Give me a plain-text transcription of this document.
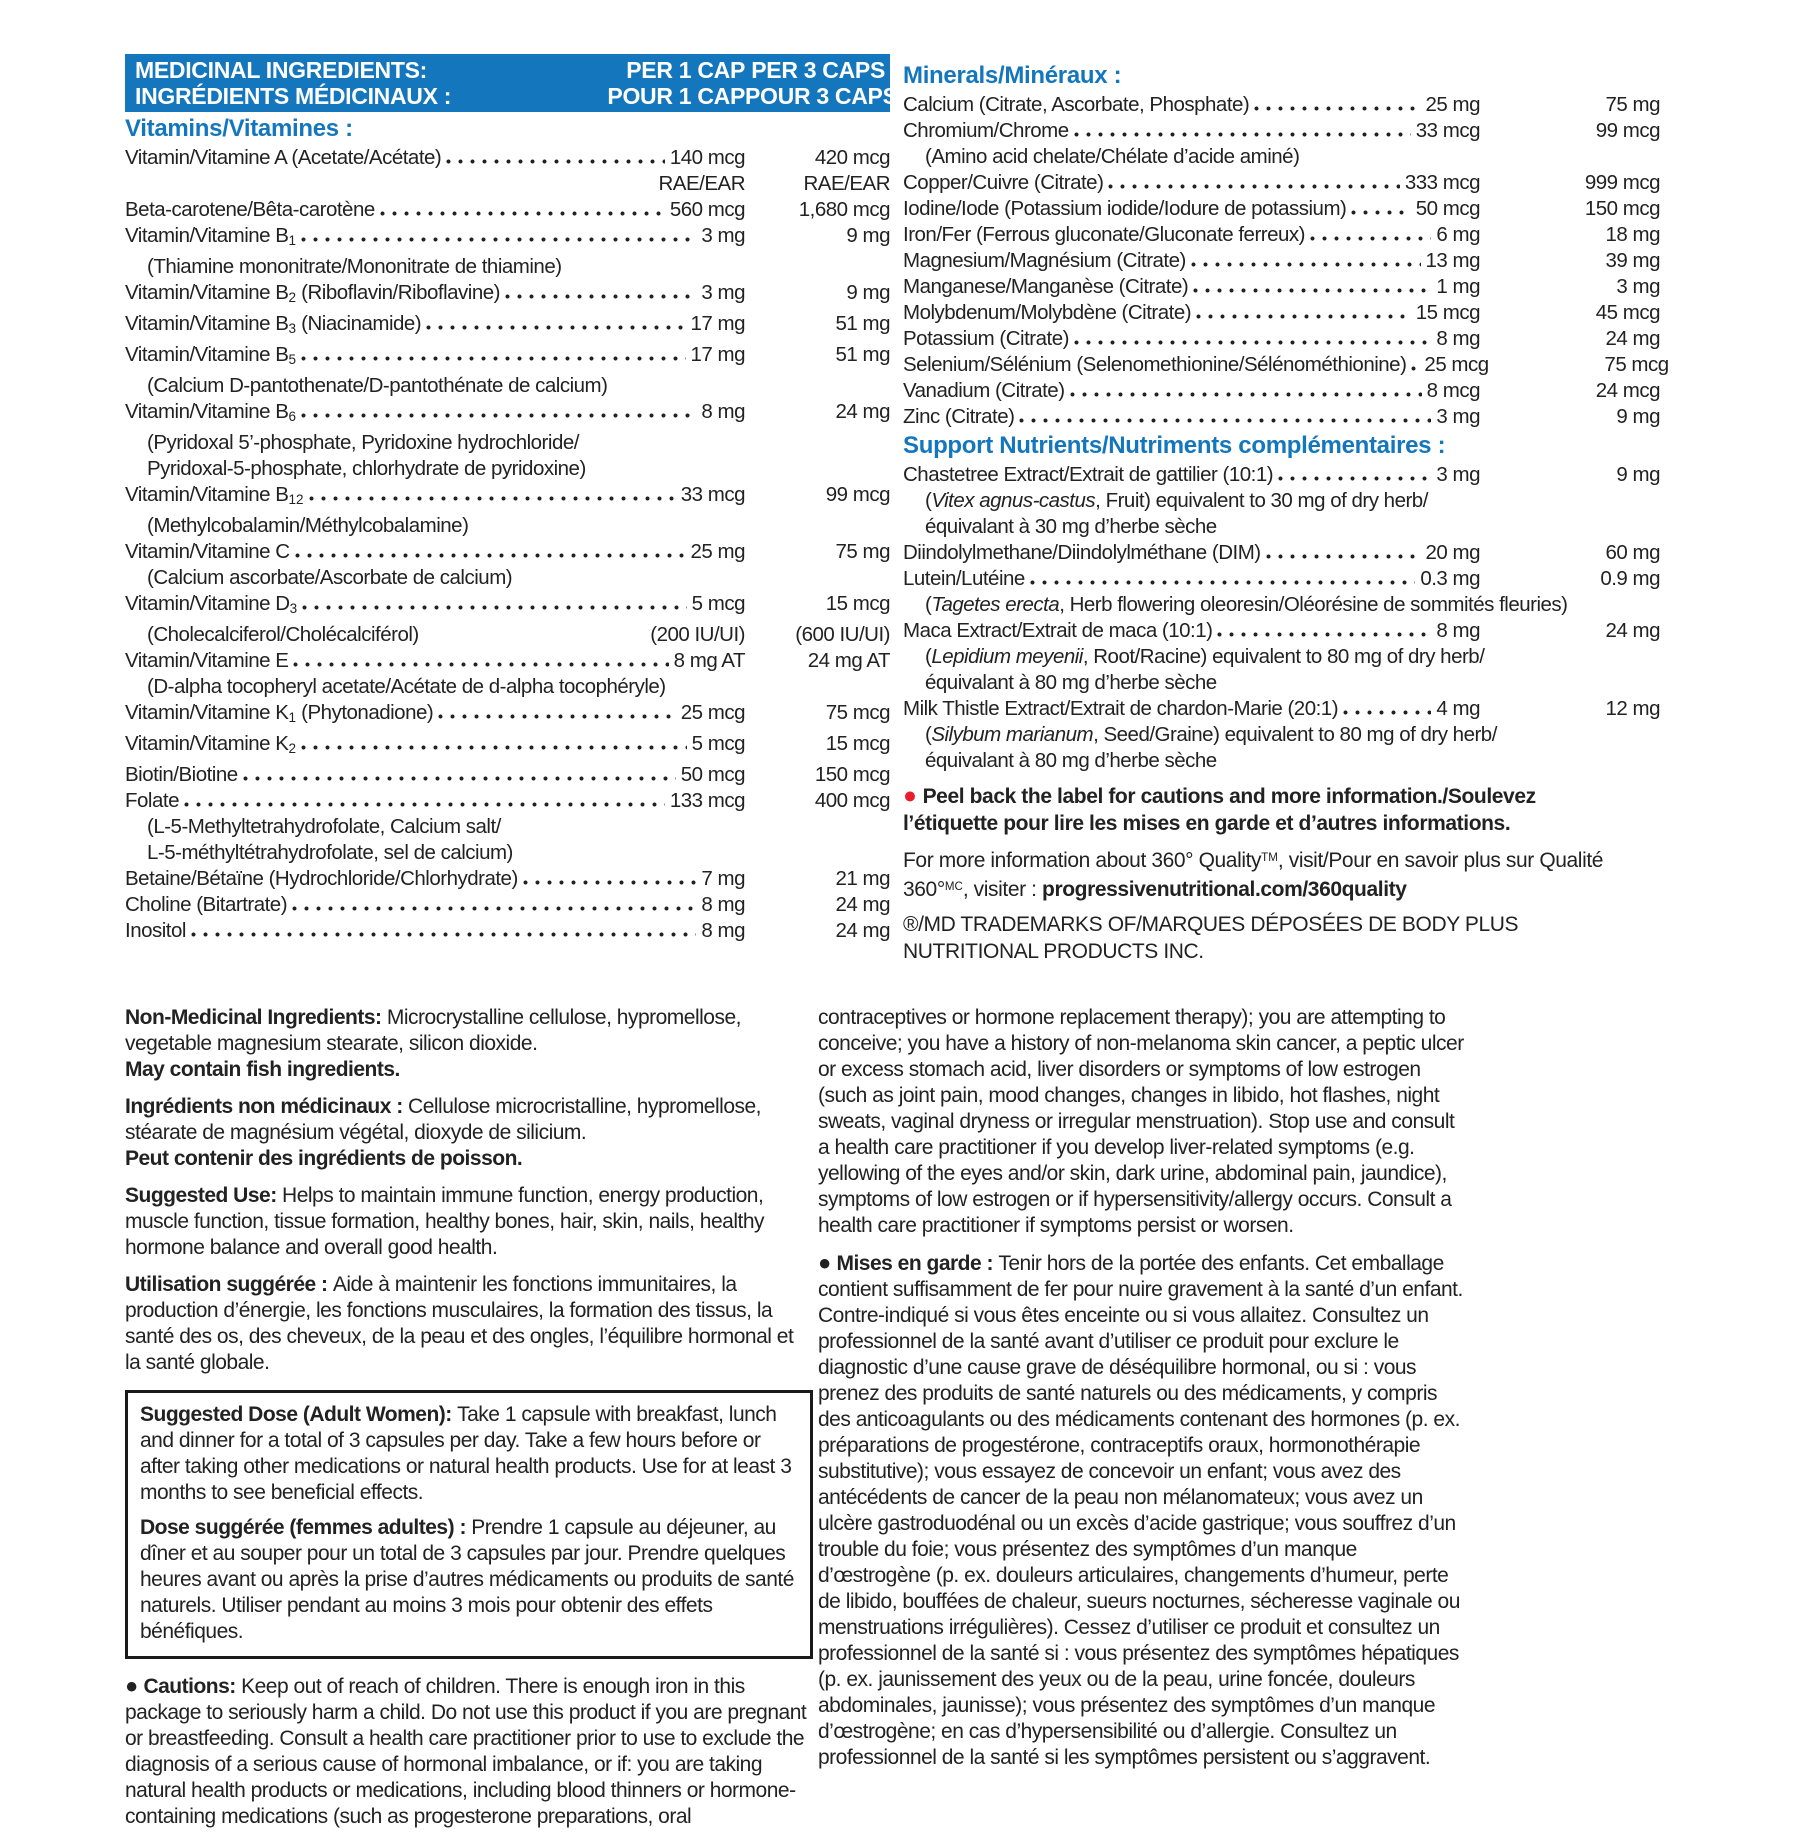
MEDICINAL INGREDIENTS:
INGRÉDIENTS MÉDICINAUX :
PER 1 CAP
POUR 1 CAP
PER 3 CAPS
POUR 3 CAPS
Vitamins/Vitamines :
Vitamin/Vitamine A (Acetate/Acétate)	140 mcg	420 mcg
RAE/EAR	RAE/EAR
Beta-carotene/Bêta-carotène	560 mcg	1,680 mcg
Vitamin/Vitamine $B_1$	3 mg	9 mg
(Thiamine mononitrate/Mononitrate de thiamine)
Vitamin/Vitamine $B_2$ (Riboflavin/Riboflavine)	3 mg	9 mg
Vitamin/Vitamine $B_3$ (Niacinamide)	17 mg	51 mg
Vitamin/Vitamine $B_5$	17 mg	51 mg
(Calcium D-pantothenate/D-pantothénate de calcium)
Vitamin/Vitamine $B_6$	8 mg	24 mg
(Pyridoxal 5’-phosphate, Pyridoxine hydrochloride/
Pyridoxal-5-phosphate, chlorhydrate de pyridoxine)
Vitamin/Vitamine $B_{12}$	33 mcg	99 mcg
(Methylcobalamin/Méthylcobalamine)
Vitamin/Vitamine C	25 mg	75 mg
(Calcium ascorbate/Ascorbate de calcium)
Vitamin/Vitamine $D_3$	5 mcg	15 mcg
(Cholecalciferol/Cholécalciférol)	(200 IU/UI)	(600 IU/UI)
Vitamin/Vitamine E	8 mg AT	24 mg AT
(D-alpha tocopheryl acetate/Acétate de d-alpha tocophéryle)
Vitamin/Vitamine $K_1$ (Phytonadione)	25 mcg	75 mcg
Vitamin/Vitamine $K_2$	5 mcg	15 mcg
Biotin/Biotine	50 mcg	150 mcg
Folate	133 mcg	400 mcg
(L-5-Methyltetrahydrofolate, Calcium salt/
L-5-méthyltétrahydrofolate, sel de calcium)
Betaine/Bétaïne (Hydrochloride/Chlorhydrate)	7 mg	21 mg
Choline (Bitartrate)	8 mg	24 mg
Inositol	8 mg	24 mg
Minerals/Minéraux :
Calcium (Citrate, Ascorbate, Phosphate)	25 mg	75 mg
Chromium/Chrome	33 mcg	99 mcg
(Amino acid chelate/Chélate d’acide aminé)
Copper/Cuivre (Citrate)	333 mcg	999 mcg
Iodine/Iode (Potassium iodide/Iodure de potassium)	50 mcg	150 mcg
Iron/Fer (Ferrous gluconate/Gluconate ferreux)	6 mg	18 mg
Magnesium/Magnésium (Citrate)	13 mg	39 mg
Manganese/Manganèse (Citrate)	1 mg	3 mg
Molybdenum/Molybdène (Citrate)	15 mcg	45 mcg
Potassium (Citrate)	8 mg	24 mg
Selenium/Sélénium (Selenomethionine/Sélénométhionine) 25 mcg	75 mcg
Vanadium (Citrate)	8 mcg	24 mcg
Zinc (Citrate)	3 mg	9 mg
Support Nutrients/Nutriments complémentaires :
Chastetree Extract/Extrait de gattilier (10:1)	3 mg	9 mg
(Vitex agnus-castus, Fruit) equivalent to 30 mg of dry herb/
équivalant à 30 mg d’herbe sèche
Diindolylmethane/Diindolylméthane (DIM)	20 mg	60 mg
Lutein/Lutéine	0.3 mg	0.9 mg
(Tagetes erecta, Herb flowering oleoresin/Oléorésine de sommités fleuries)
Maca Extract/Extrait de maca (10:1)	8 mg	24 mg
(Lepidium meyenii, Root/Racine) equivalent to 80 mg of dry herb/
équivalant à 80 mg d’herbe sèche
Milk Thistle Extract/Extrait de chardon-Marie (20:1)	4 mg	12 mg
(Silybum marianum, Seed/Graine) equivalent to 80 mg of dry herb/
équivalant à 80 mg d’herbe sèche
● Peel back the label for cautions and more information./Soulevez l’étiquette pour lire les mises en garde et d’autres informations.
For more information about 360° Quality™, visit/Pour en savoir plus sur Qualité 360°$^{MC}$, visiter : progressivenutritional.com/360quality
®/MD TRADEMARKS OF/MARQUES DÉPOSÉES DE BODY PLUS NUTRITIONAL PRODUCTS INC.
Non-Medicinal Ingredients: Microcrystalline cellulose, hypromellose, vegetable magnesium stearate, silicon dioxide.
May contain fish ingredients.
Ingrédients non médicinaux : Cellulose microcristalline, hypromellose, stéarate de magnésium végétal, dioxyde de silicium.
Peut contenir des ingrédients de poisson.
Suggested Use: Helps to maintain immune function, energy production, muscle function, tissue formation, healthy bones, hair, skin, nails, healthy hormone balance and overall good health.
Utilisation suggérée : Aide à maintenir les fonctions immunitaires, la production d’énergie, les fonctions musculaires, la formation des tissus, la santé des os, des cheveux, de la peau et des ongles, l’équilibre hormonal et la santé globale.
Suggested Dose (Adult Women): Take 1 capsule with breakfast, lunch and dinner for a total of 3 capsules per day. Take a few hours before or after taking other medications or natural health products. Use for at least 3 months to see beneficial effects.
Dose suggérée (femmes adultes) : Prendre 1 capsule au déjeuner, au dîner et au souper pour un total de 3 capsules par jour. Prendre quelques heures avant ou après la prise d’autres médicaments ou produits de santé naturels. Utiliser pendant au moins 3 mois pour obtenir des effets bénéfiques.
● Cautions: Keep out of reach of children. There is enough iron in this package to seriously harm a child. Do not use this product if you are pregnant or breastfeeding. Consult a health care practitioner prior to use to exclude the diagnosis of a serious cause of hormonal imbalance, or if: you are taking natural health products or medications, including blood thinners or hormone-containing medications (such as progesterone preparations, oral
contraceptives or hormone replacement therapy); you are attempting to conceive; you have a history of non-melanoma skin cancer, a peptic ulcer or excess stomach acid, liver disorders or symptoms of low estrogen (such as joint pain, mood changes, changes in libido, hot flashes, night sweats, vaginal dryness or irregular menstruation). Stop use and consult a health care practitioner if you develop liver-related symptoms (e.g. yellowing of the eyes and/or skin, dark urine, abdominal pain, jaundice), symptoms of low estrogen or if hypersensitivity/allergy occurs. Consult a health care practitioner if symptoms persist or worsen.
● Mises en garde : Tenir hors de la portée des enfants. Cet emballage contient suffisamment de fer pour nuire gravement à la santé d’un enfant. Contre-indiqué si vous êtes enceinte ou si vous allaitez. Consultez un professionnel de la santé avant d’utiliser ce produit pour exclure le diagnostic d’une cause grave de déséquilibre hormonal, ou si : vous prenez des produits de santé naturels ou des médicaments, y compris des anticoagulants ou des médicaments contenant des hormones (p. ex. préparations de progestérone, contraceptifs oraux, hormonothérapie substitutive); vous essayez de concevoir un enfant; vous avez des antécédents de cancer de la peau non mélanomateux; vous avez un ulcère gastroduodénal ou un excès d’acide gastrique; vous souffrez d’un trouble du foie; vous présentez des symptômes d’un manque d’œstrogène (p. ex. douleurs articulaires, changements d’humeur, perte de libido, bouffées de chaleur, sueurs nocturnes, sécheresse vaginale ou menstruations irrégulières). Cessez d’utiliser ce produit et consultez un professionnel de la santé si : vous présentez des symptômes hépatiques (p. ex. jaunissement des yeux ou de la peau, urine foncée, douleurs abdominales, jaunisse); vous présentez des symptômes d’un manque d’œstrogène; en cas d’hypersensibilité ou d’allergie. Consultez un professionnel de la santé si les symptômes persistent ou s’aggravent.
